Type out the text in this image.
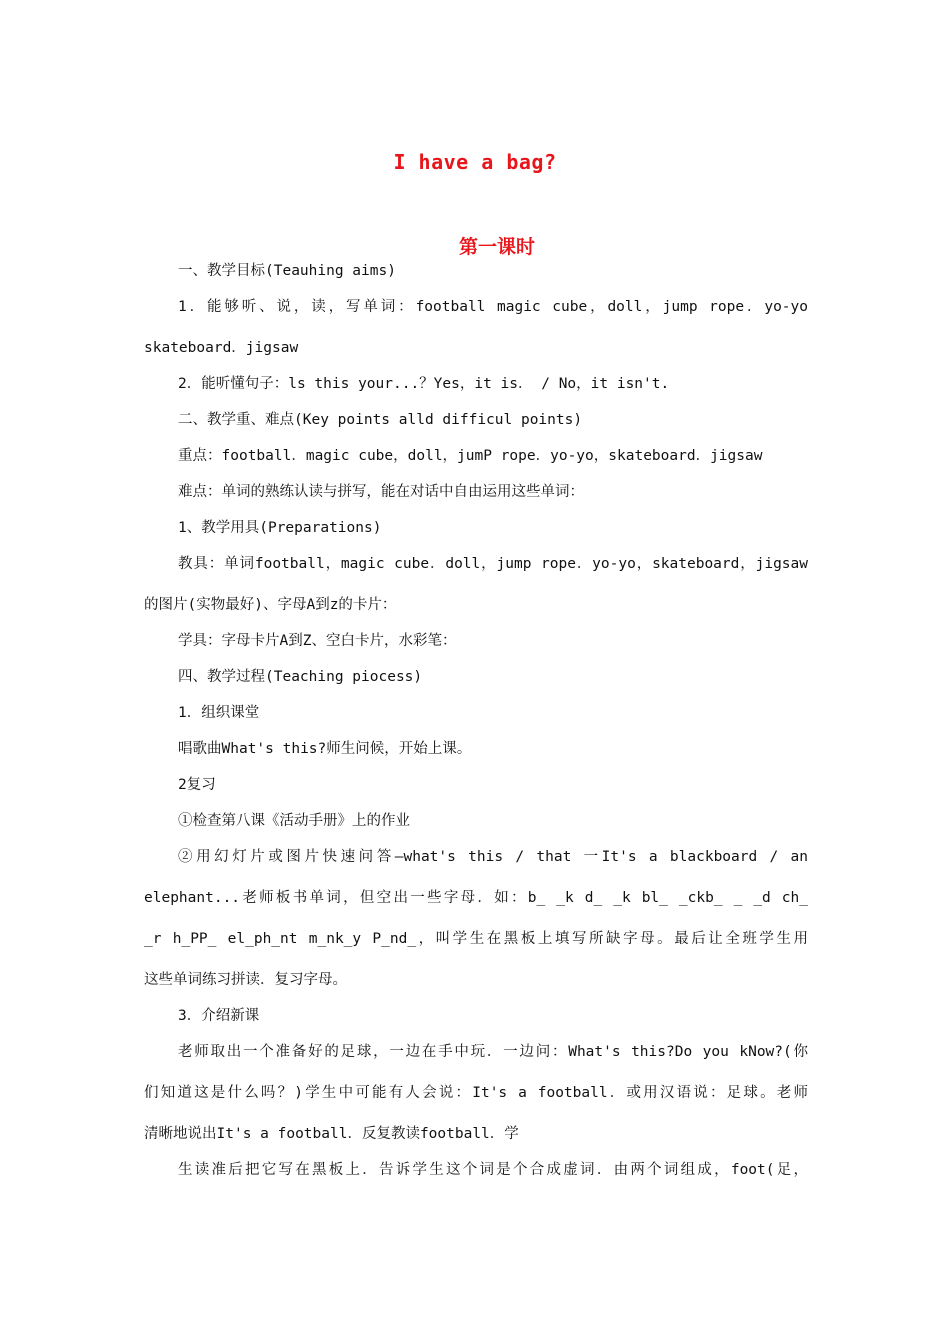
I have a bag?
第一课时
一、教学目标(Teauhing aims)
1．能够听、说，读，写单词：football magic cube，doll，jump rope．yo-yo
skateboard．jigsaw
2．能听懂句子：ls this your...？Yes，it is． / No，it isn't.
二、教学重、难点(Key points alld difficul points)
重点：football．magic cube，doll，jumP rope．yo-yo，skateboard．jigsaw
难点：单词的熟练认读与拼写，能在对话中自由运用这些单词：
1、教学用具(Preparations)
教具：单词football，magic cube．doll，jump rope．yo-yo，skateboard，jigsaw
的图片(实物最好)、字母A到z的卡片：
学具：字母卡片A到Z、空白卡片，水彩笔：
四、教学过程(Teaching piocess)
1．组织课堂
唱歌曲What's this?师生问候，开始上课。
2复习
①检查第八课《活动手册》上的作业
②用幻灯片或图片快速问答—what's this / that 一It's a blackboard / an
elephant...老师板书单词，但空出一些字母．如：b_ _k d_ _k bl_ _ckb_ _ _d ch_
_r h_PP_ el_ph_nt m_nk_y P_nd_，叫学生在黑板上填写所缺字母。最后让全班学生用
这些单词练习拼读．复习字母。
3．介绍新课
老师取出一个准备好的足球，一边在手中玩．一边问：What's this?Do you kNow?(你
们知道这是什么吗？)学生中可能有人会说：It's a football．或用汉语说：足球。老师
清晰地说出It's a football．反复教读football．学
生读准后把它写在黑板上．告诉学生这个词是个合成虚词．由两个词组成，foot(足，
